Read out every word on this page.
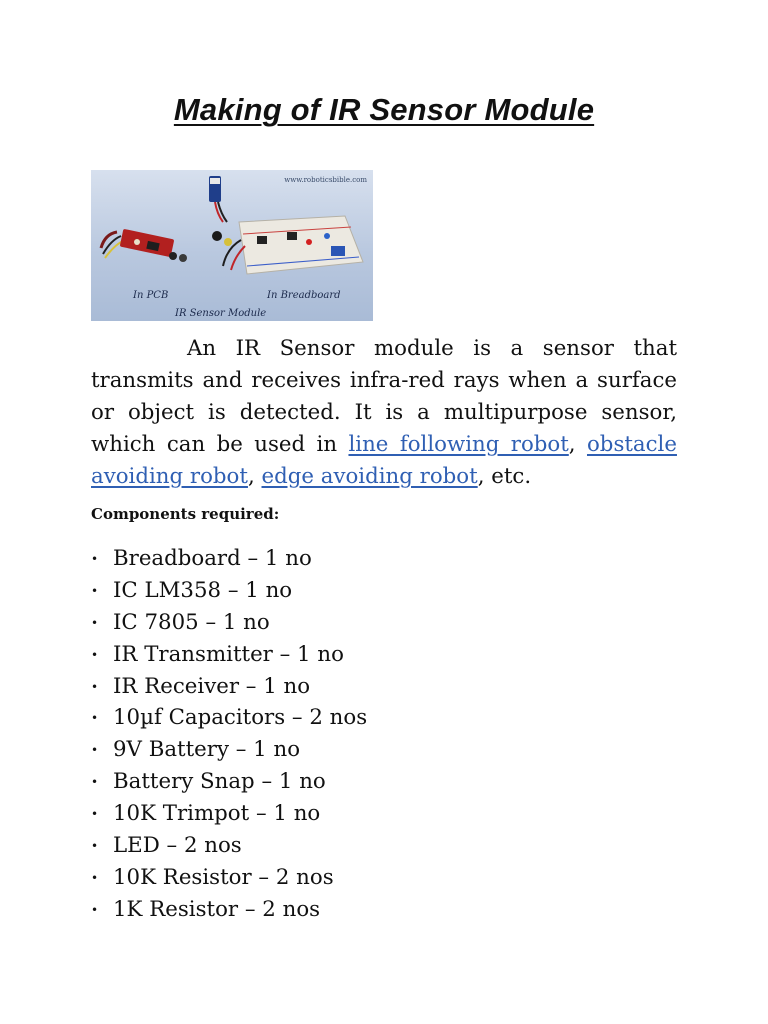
Making of IR Sensor Module
www.roboticsbible.com
In PCB	In Breadboard
IR Sensor Module

An IR Sensor module is a sensor that transmits and receives infra-red rays when a surface or object is detected. It is a multipurpose sensor, which can be used in line following robot, obstacle avoiding robot, edge avoiding robot, etc.

Components required:
• Breadboard – 1 no
• IC LM358 – 1 no
• IC 7805 – 1 no
• IR Transmitter – 1 no
• IR Receiver – 1 no
• 10µf Capacitors – 2 nos
• 9V Battery – 1 no
• Battery Snap – 1 no
• 10K Trimpot – 1 no
• LED – 2 nos
• 10K Resistor – 2 nos
• 1K Resistor – 2 nos
